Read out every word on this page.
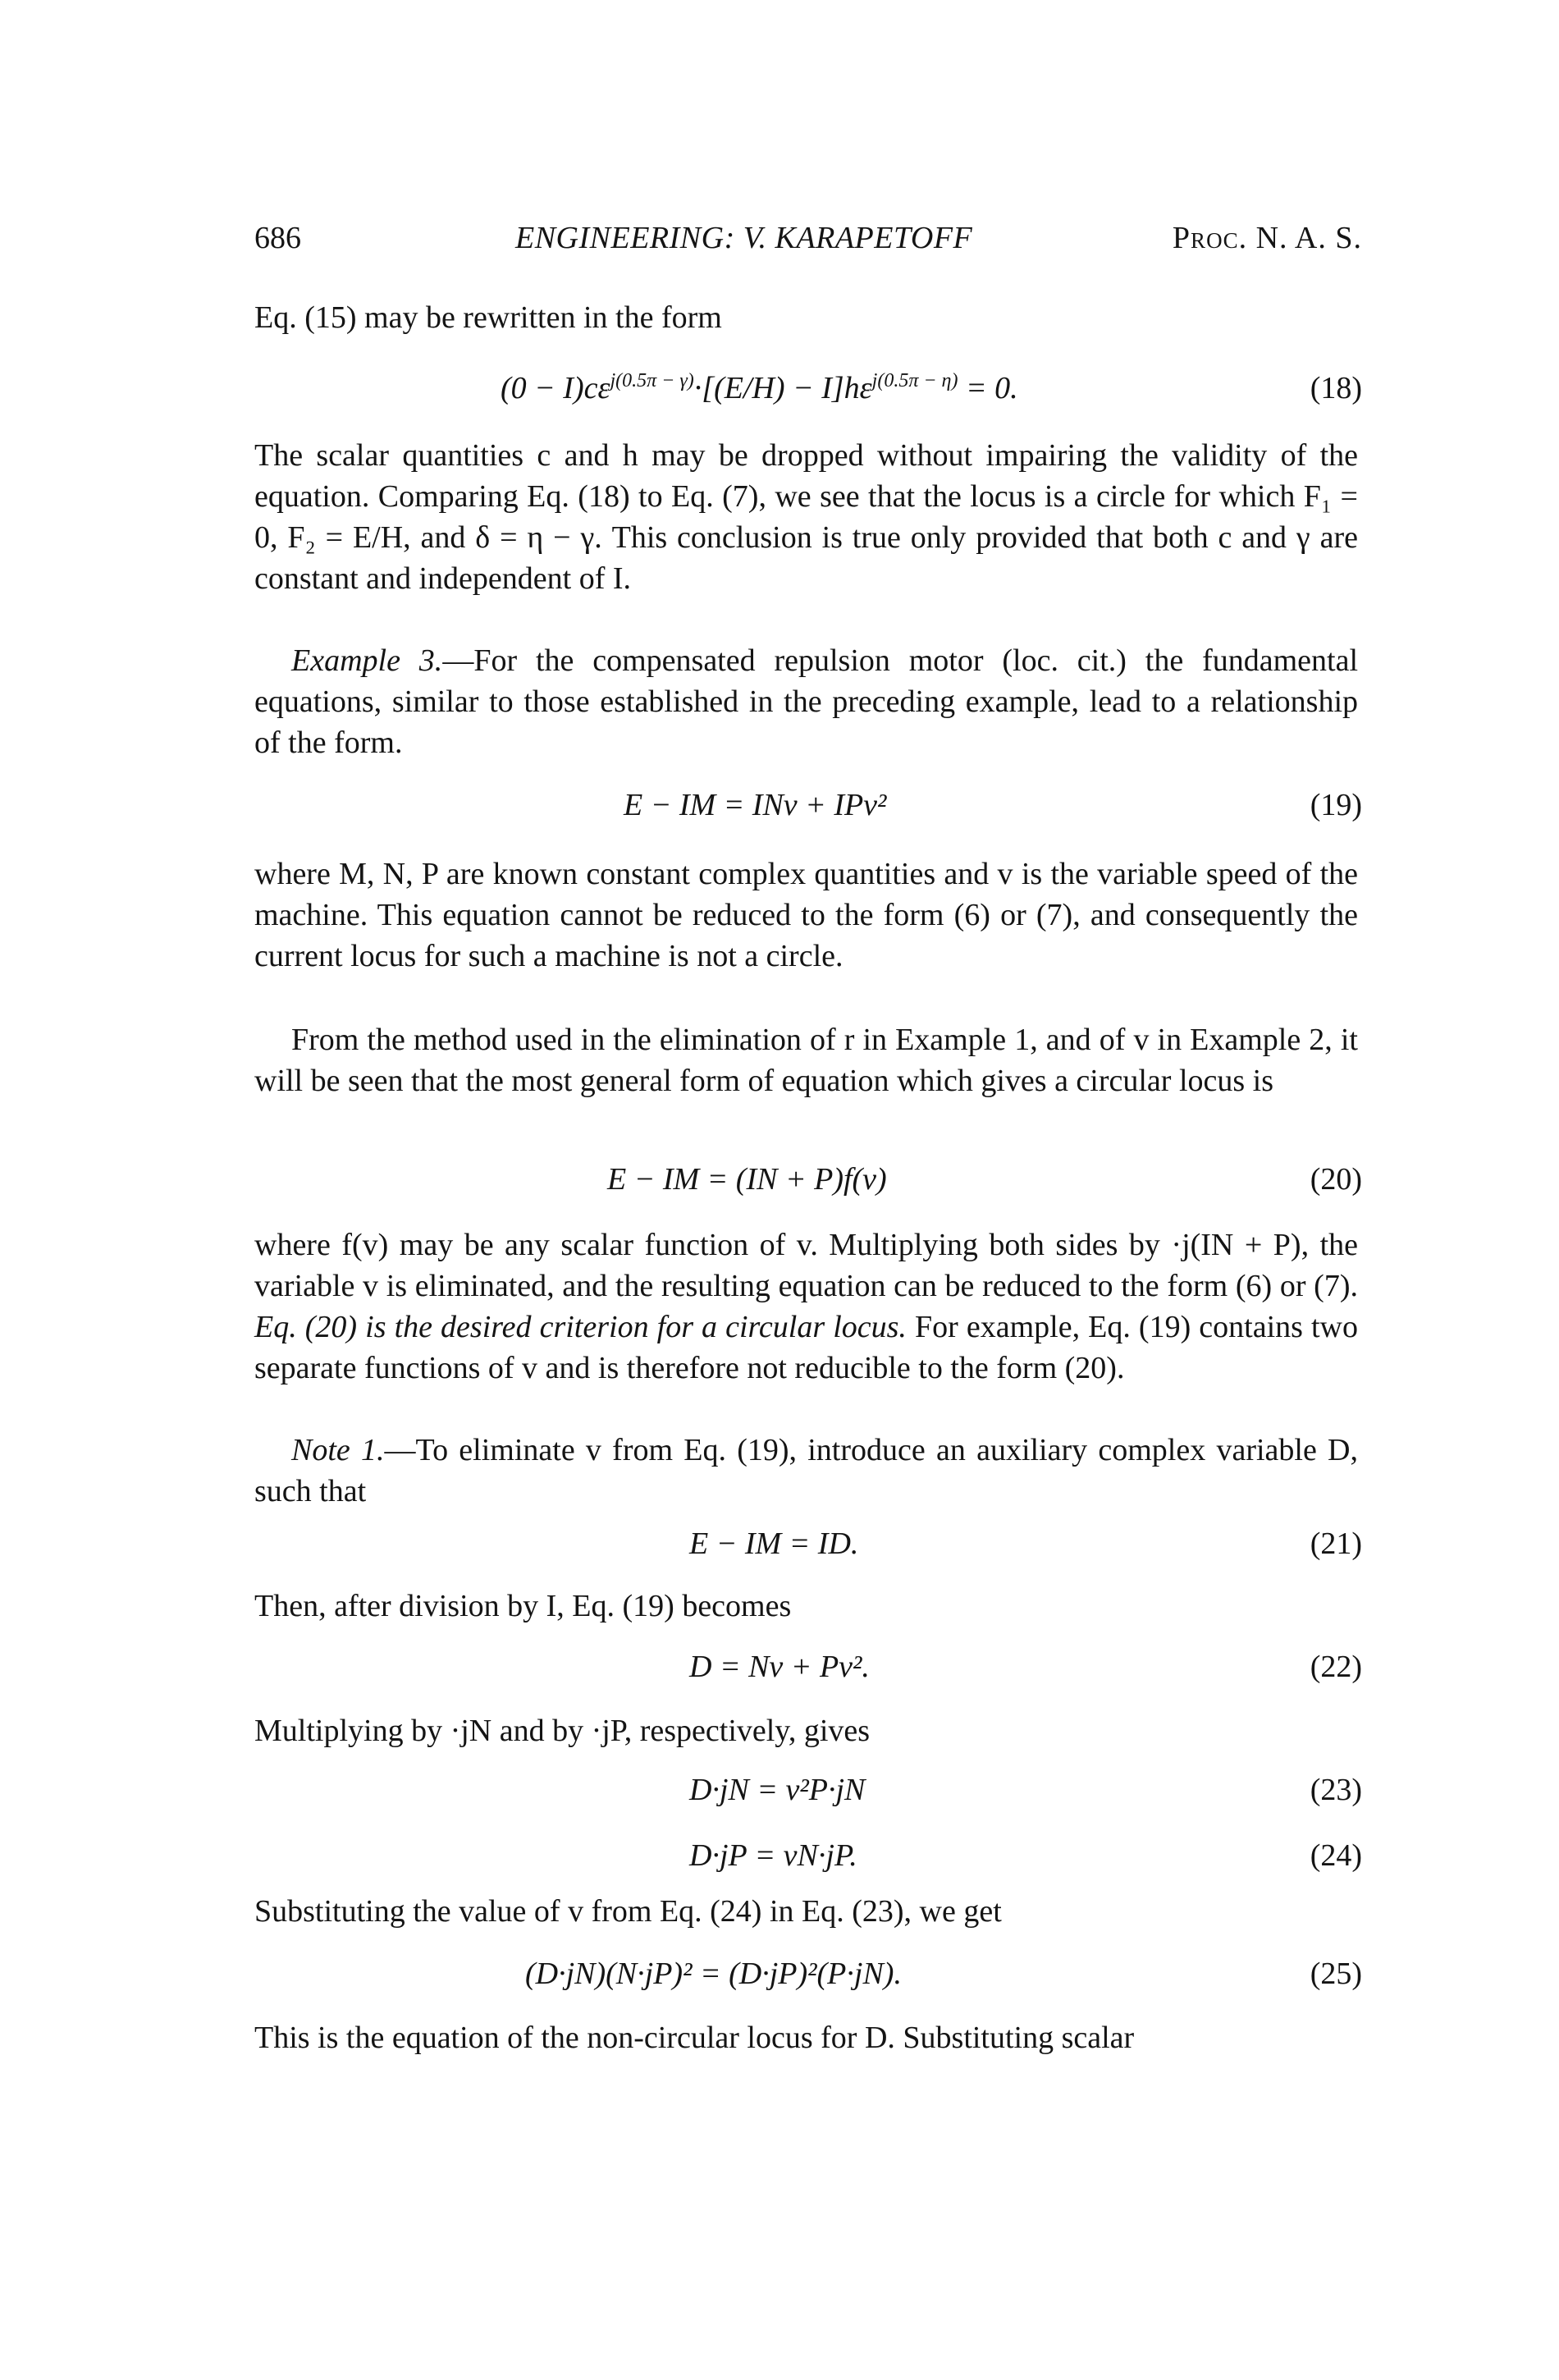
686	ENGINEERING: V. KARAPETOFF	Proc. N. A. S.

Eq. (15) may be rewritten in the form

$(0 - I)c\varepsilon^{j(0.5\pi - \gamma)}\cdot[(E/H) - I]h\varepsilon^{j(0.5\pi - \eta)} = 0$.	(18)

The scalar quantities c and h may be dropped without impairing the validity of the equation. Comparing Eq. (18) to Eq. (7), we see that the locus is a circle for which F₁ = 0, F₂ = E/H, and δ = η − γ. This conclusion is true only provided that both c and γ are constant and independent of I.

Example 3.—For the compensated repulsion motor (loc. cit.) the fundamental equations, similar to those established in the preceding example, lead to a relationship of the form.

E − IM = INv + IPv²	(19)

where M, N, P are known constant complex quantities and v is the variable speed of the machine. This equation cannot be reduced to the form (6) or (7), and consequently the current locus for such a machine is not a circle.

From the method used in the elimination of r in Example 1, and of v in Example 2, it will be seen that the most general form of equation which gives a circular locus is

E − IM = (IN + P)f(v)	(20)

where f(v) may be any scalar function of v. Multiplying both sides by ·j(IN + P), the variable v is eliminated, and the resulting equation can be reduced to the form (6) or (7). Eq. (20) is the desired criterion for a circular locus. For example, Eq. (19) contains two separate functions of v and is therefore not reducible to the form (20).

Note 1.—To eliminate v from Eq. (19), introduce an auxiliary complex variable D, such that

E − IM = ID.	(21)

Then, after division by I, Eq. (19) becomes

D = Nv + Pv².	(22)

Multiplying by ·jN and by ·jP, respectively, gives

D·jN = v²P·jN	(23)
D·jP = vN·jP.	(24)

Substituting the value of v from Eq. (24) in Eq. (23), we get

(D·jN)(N·jP)² = (D·jP)²(P·jN).	(25)

This is the equation of the non-circular locus for D. Substituting scalar
